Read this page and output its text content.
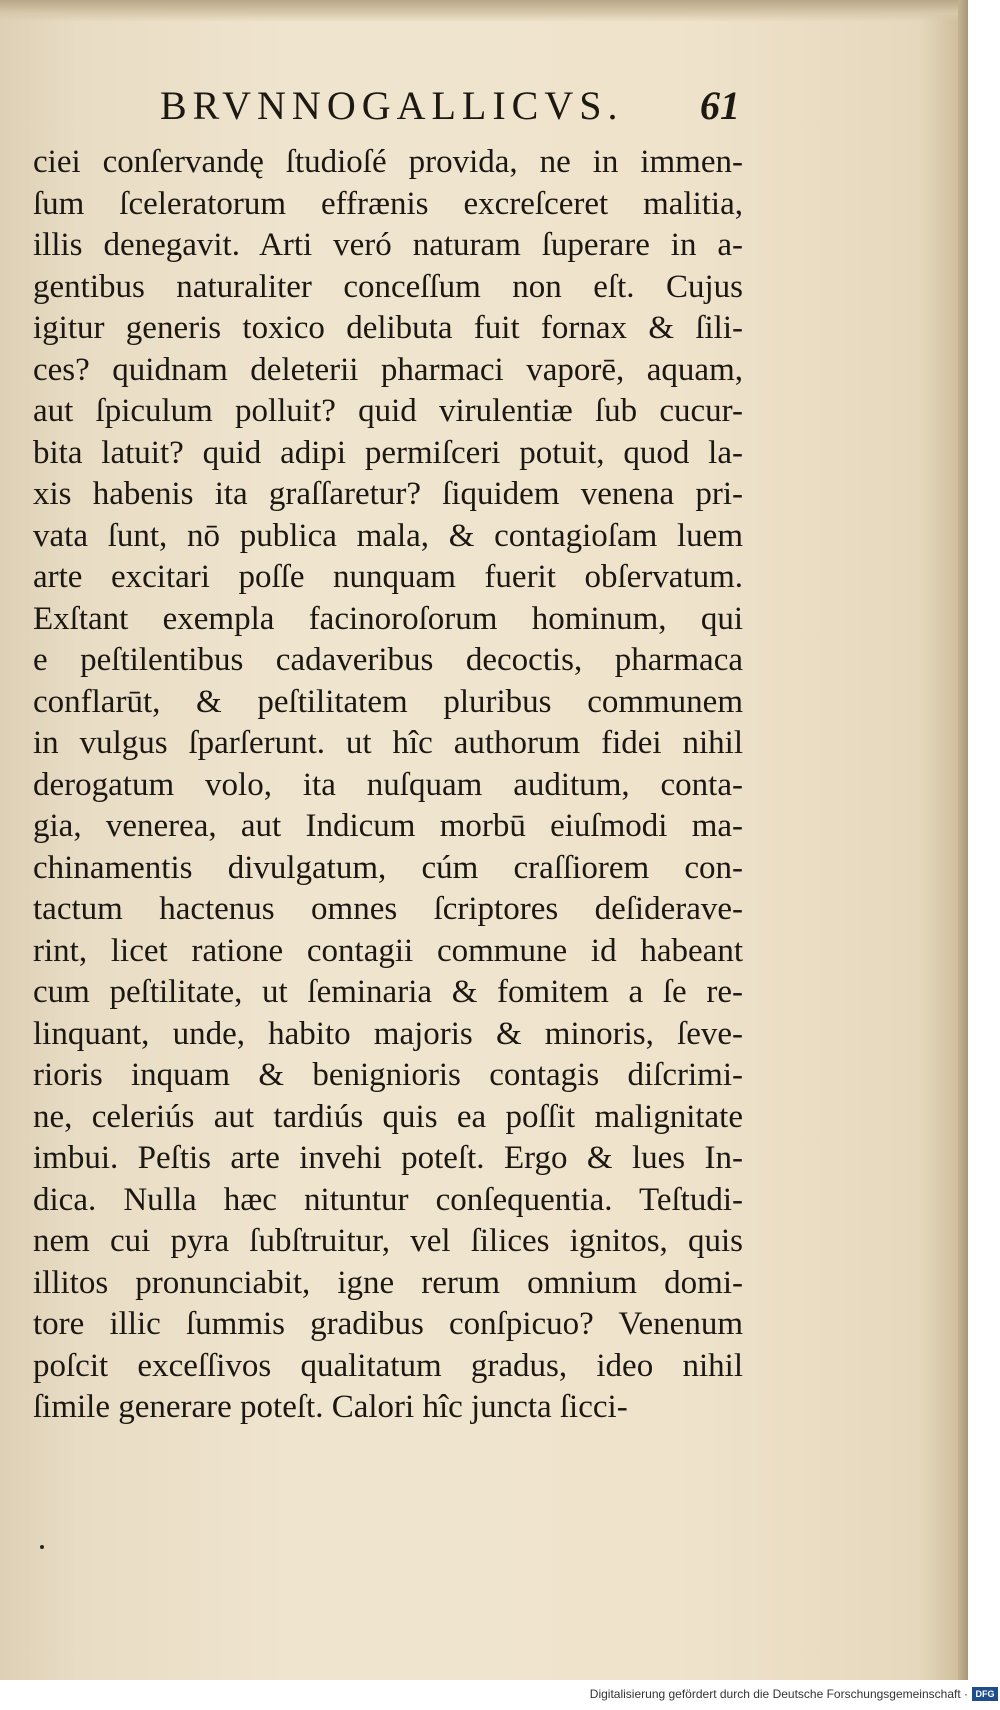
BRVNNOGALLICVS. 61
ciei conſervandę ſtudioſé provida, ne in immen-
ſum ſceleratorum effrænis excreſceret malitia,
illis denegavit. Arti veró naturam ſuperare in a-
gentibus naturaliter conceſſum non eſt. Cujus
igitur generis toxico delibuta fuit fornax & ſili-
ces? quidnam deleterii pharmaci vaporē, aquam,
aut ſpiculum polluit? quid virulentiæ ſub cucur-
bita latuit? quid adipi permiſceri potuit, quod la-
xis habenis ita graſſaretur? ſiquidem venena pri-
vata ſunt, nō publica mala, & contagioſam luem
arte excitari poſſe nunquam fuerit obſervatum.
Exſtant exempla facinoroſorum hominum, qui
e peſtilentibus cadaveribus decoctis, pharmaca
conflarūt, & peſtilitatem pluribus communem
in vulgus ſparſerunt. ut hîc authorum fidei nihil
derogatum volo, ita nuſquam auditum, conta-
gia, venerea, aut Indicum morbū eiuſmodi ma-
chinamentis divulgatum, cúm craſſiorem con-
tactum hactenus omnes ſcriptores deſiderave-
rint, licet ratione contagii commune id habeant
cum peſtilitate, ut ſeminaria & fomitem a ſe re-
linquant, unde, habito majoris & minoris, ſeve-
rioris inquam & benignioris contagis diſcrimi-
ne, celeriús aut tardiús quis ea poſſit malignitate
imbui. Peſtis arte invehi poteſt. Ergo & lues In-
dica. Nulla hæc nituntur conſequentia. Teſtudi-
nem cui pyra ſubſtruitur, vel ſilices ignitos, quis
illitos pronunciabit, igne rerum omnium domi-
tore illic ſummis gradibus conſpicuo? Venenum
poſcit exceſſivos qualitatum gradus, ideo nihil
ſimile generare poteſt. Calori hîc juncta ſicci-
Digitalisierung gefördert durch die Deutsche Forschungsgemeinschaft · DFG
